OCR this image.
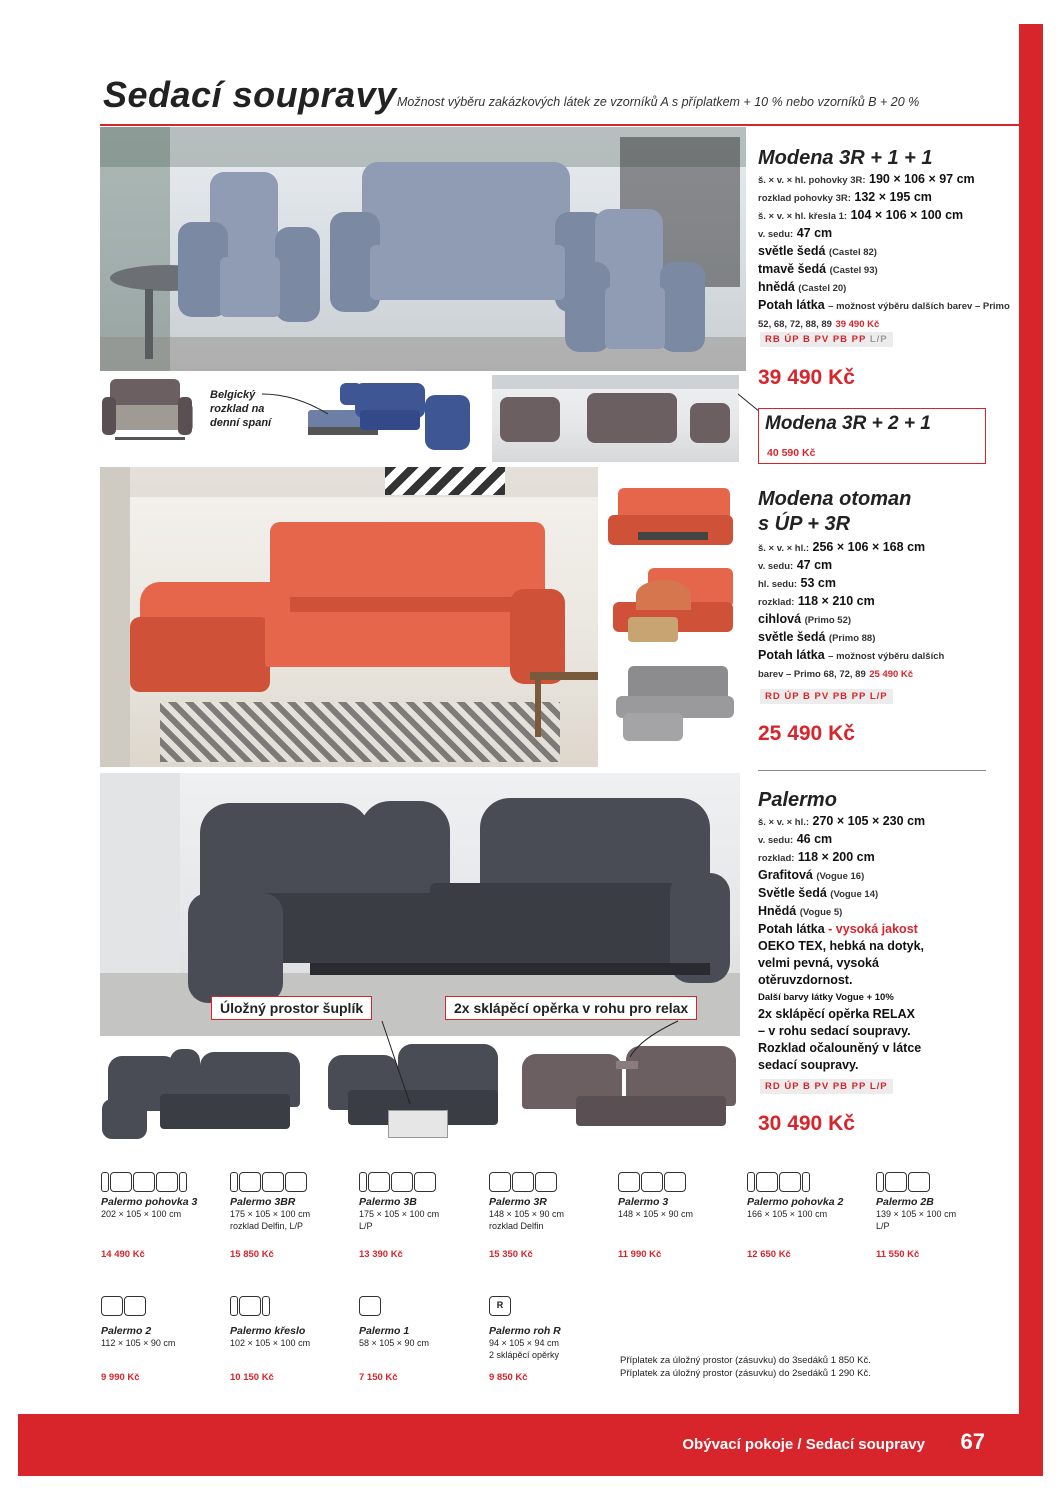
Sedací soupravy Možnost výběru zakázkových látek ze vzorníků A s příplatkem + 10 % nebo vzorníků B + 20 %
Modena 3R + 1 + 1
š. × v. × hl. pohovky 3R: 190 × 106 × 97 cm
rozklad pohovky 3R: 132 × 195 cm
š. × v. × hl. křesla 1: 104 × 106 × 100 cm
v. sedu: 47 cm
světle šedá (Castel 82)
tmavě šedá (Castel 93)
hnědá (Castel 20)
Potah látka – možnost výběru dalších barev – Primo 52, 68, 72, 88, 89 39 490 Kč
RB ÚP B PV PB PP L/P
39 490 Kč
Belgický rozklad na denní spaní	Modena 3R + 2 + 1
40 590 Kč
Modena otoman
s ÚP + 3R
š. × v. × hl.: 256 × 106 × 168 cm
v. sedu: 47 cm
hl. sedu: 53 cm
rozklad: 118 × 210 cm
cihlová (Primo 52)
světle šedá (Primo 88)
Potah látka – možnost výběru dalších
barev – Primo 68, 72, 89 25 490 Kč
RD ÚP B PV PB PP L/P
25 490 Kč
Úložný prostor šuplík	2x sklápěcí opěrka v rohu pro relax
Palermo
š. × v. × hl.: 270 × 105 × 230 cm
v. sedu: 46 cm
rozklad: 118 × 200 cm
Grafitová (Vogue 16)
Světle šedá (Vogue 14)
Hnědá (Vogue 5)
Potah látka - vysoká jakost
OEKO TEX, hebká na dotyk,
velmi pevná, vysoká
otěruvzdornost.
Další barvy látky Vogue + 10%
2x sklápěcí opěrka RELAX
– v rohu sedací soupravy.
Rozklad očalouněný v látce
sedací soupravy.
RD ÚP B PV PB PP L/P
30 490 Kč
Palermo pohovka 3
202 × 105 × 100 cm
14 490 Kč
Palermo 3BR
175 × 105 × 100 cm
rozklad Delfin, L/P
15 850 Kč
Palermo 3B
175 × 105 × 100 cm
L/P
13 390 Kč
Palermo 3R
148 × 105 × 90 cm
rozklad Delfin
15 350 Kč
Palermo 3
148 × 105 × 90 cm
11 990 Kč
Palermo pohovka 2
166 × 105 × 100 cm
12 650 Kč
Palermo 2B
139 × 105 × 100 cm
L/P
11 550 Kč
Palermo 2
112 × 105 × 90 cm
9 990 Kč
Palermo křeslo
102 × 105 × 100 cm
10 150 Kč
Palermo 1
58 × 105 × 90 cm
7 150 Kč
R
Palermo roh R
94 × 105 × 94 cm
2 sklápěcí opěrky
9 850 Kč
Příplatek za úložný prostor (zásuvku) do 3sedáků 1 850 Kč.
Příplatek za úložný prostor (zásuvku) do 2sedáků 1 290 Kč.
Obývací pokoje / Sedací soupravy 67
